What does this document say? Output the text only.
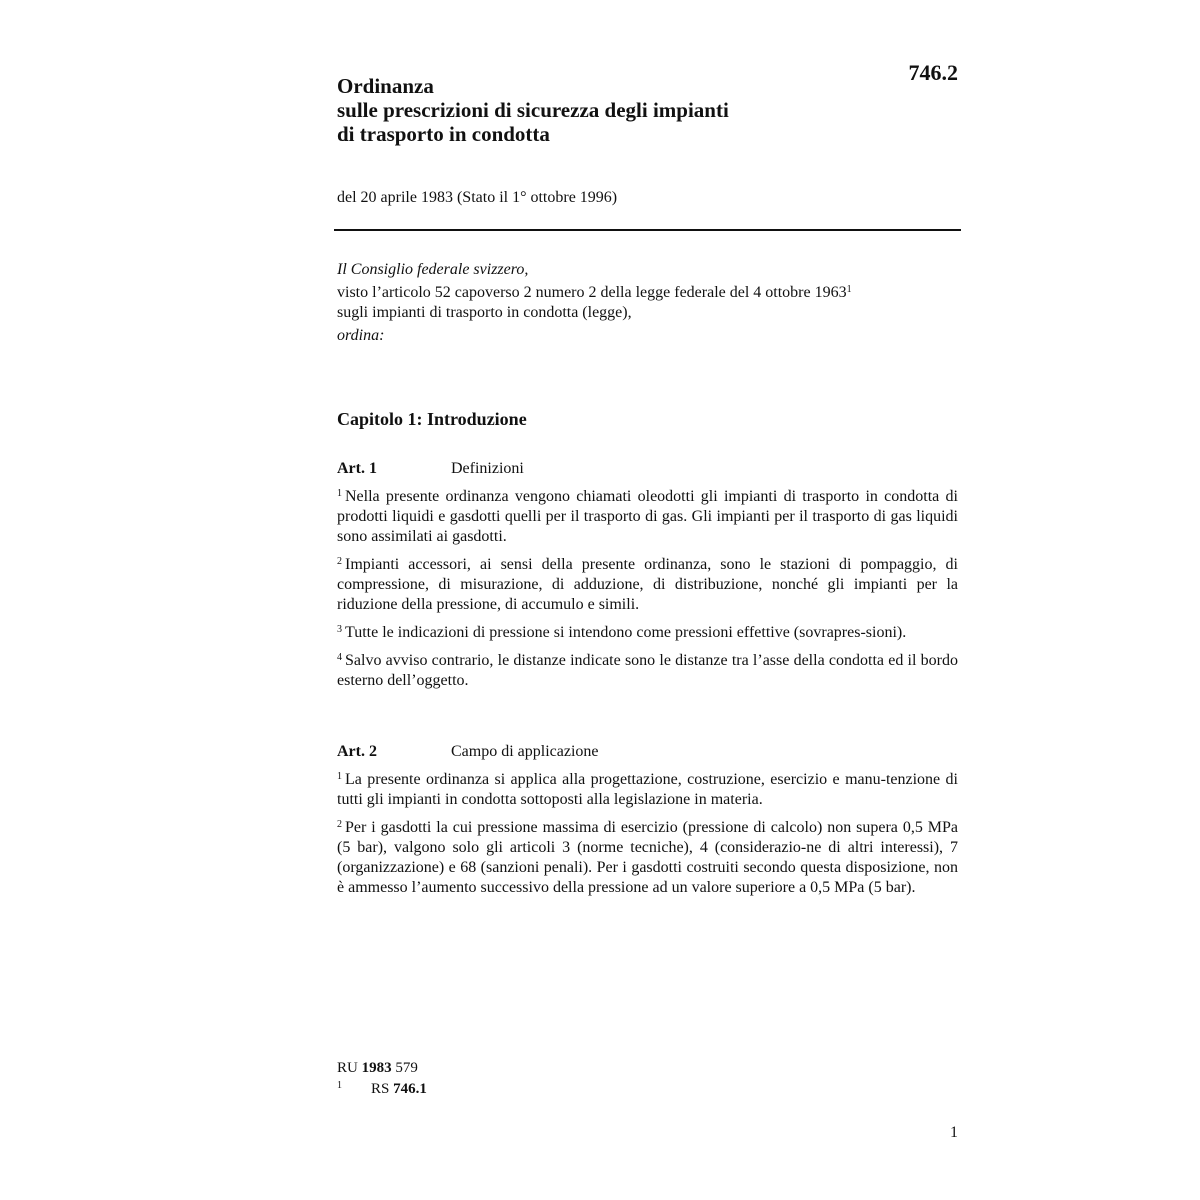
746.2
Ordinanza
sulle prescrizioni di sicurezza degli impianti
di trasporto in condotta
del 20 aprile 1983 (Stato il 1° ottobre 1996)
Il Consiglio federale svizzero,
visto l’articolo 52 capoverso 2 numero 2 della legge federale del 4 ottobre 1963$^1$
sugli impianti di trasporto in condotta (legge),
ordina:
Capitolo 1: Introduzione
Art. 1	Definizioni
$^1$ Nella presente ordinanza vengono chiamati oleodotti gli impianti di trasporto in condotta di prodotti liquidi e gasdotti quelli per il trasporto di gas. Gli impianti per il trasporto di gas liquidi sono assimilati ai gasdotti.
$^2$ Impianti accessori, ai sensi della presente ordinanza, sono le stazioni di pompaggio, di compressione, di misurazione, di adduzione, di distribuzione, nonché gli impianti per la riduzione della pressione, di accumulo e simili.
$^3$ Tutte le indicazioni di pressione si intendono come pressioni effettive (sovrapres-sioni).
$^4$ Salvo avviso contrario, le distanze indicate sono le distanze tra l’asse della condotta ed il bordo esterno dell’oggetto.
Art. 2	Campo di applicazione
$^1$ La presente ordinanza si applica alla progettazione, costruzione, esercizio e manu-tenzione di tutti gli impianti in condotta sottoposti alla legislazione in materia.
$^2$ Per i gasdotti la cui pressione massima di esercizio (pressione di calcolo) non supera 0,5 MPa (5 bar), valgono solo gli articoli 3 (norme tecniche), 4 (considerazio-ne di altri interessi), 7 (organizzazione) e 68 (sanzioni penali). Per i gasdotti costruiti secondo questa disposizione, non è ammesso l’aumento successivo della pressione ad un valore superiore a 0,5 MPa (5 bar).
RU 1983 579
1 RS 746.1
1
